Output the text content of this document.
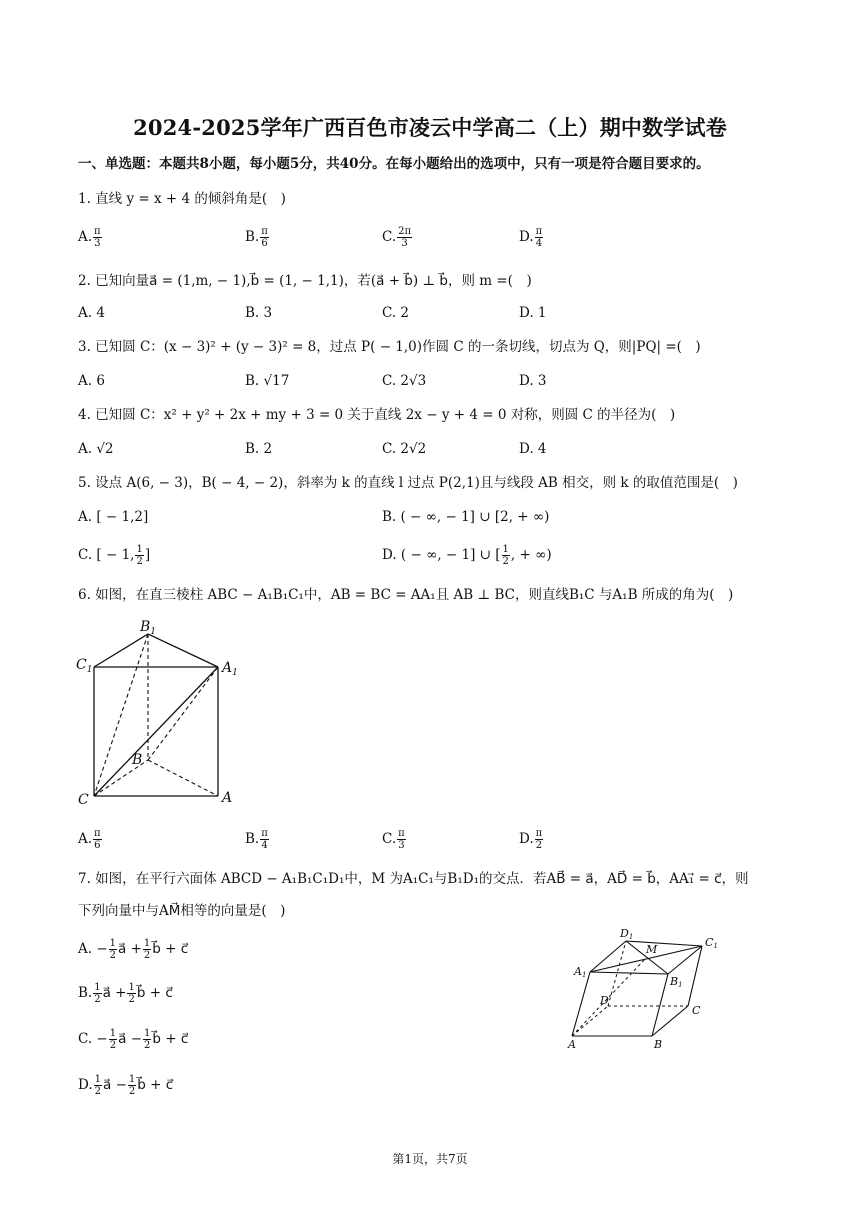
2024-2025学年广西百色市凌云中学高二（上）期中数学试卷
一、单选题：本题共8小题，每小题5分，共40分。在每小题给出的选项中，只有一项是符合题目要求的。
1. 直线 y = x + 4 的倾斜角是(　)
A. $\frac{\pi}{3}$	B. $\frac{\pi}{6}$	C. $\frac{2\pi}{3}$	D. $\frac{\pi}{4}$
2. 已知向量a⃗ = (1,m, − 1),b⃗ = (1, − 1,1)，若(a⃗ + b⃗) ⊥ b⃗，则 m =(　)
A. 4	B. 3	C. 2	D. 1
3. 已知圆 C：(x − 3)² + (y − 3)² = 8，过点 P( − 1,0)作圆 C 的一条切线，切点为 Q，则|PQ| =(　)
A. 6	B. √17	C. 2√3	D. 3
4. 已知圆 C：x² + y² + 2x + my + 3 = 0 关于直线 2x − y + 4 = 0 对称，则圆 C 的半径为(　)
A. √2	B. 2	C. 2√2	D. 4
5. 设点 A(6, − 3)，B( − 4, − 2)，斜率为 k 的直线 l 过点 P(2,1)且与线段 AB 相交，则 k 的取值范围是(　)
A. [ − 1,2]	B. ( − ∞, − 1] ∪ [2, + ∞)
C. [ − 1, $\frac{1}{2}$ ]	D. ( − ∞, − 1] ∪ [ $\frac{1}{2}$ , + ∞)
6. 如图，在直三棱柱 ABC − A₁B₁C₁中，AB = BC = AA₁且 AB ⊥ BC，则直线B₁C 与A₁B 所成的角为(　)
$B_1$
$C_1$	$A_1$
B
C	A
A. $\frac{\pi}{6}$	B. $\frac{\pi}{4}$	C. $\frac{\pi}{3}$	D. $\frac{\pi}{2}$
7. 如图，在平行六面体 ABCD − A₁B₁C₁D₁中，M 为A₁C₁与B₁D₁的交点．若AB⃗ = a⃗，AD⃗ = b⃗，AA₁⃗ = c⃗，则
下列向量中与AM⃗相等的向量是(　)
A. − $\frac{1}{2}$ a⃗ + $\frac{1}{2}$ b⃗ + c⃗
B. $\frac{1}{2}$ a⃗ + $\frac{1}{2}$ b⃗ + c⃗
C. − $\frac{1}{2}$ a⃗ − $\frac{1}{2}$ b⃗ + c⃗
D. $\frac{1}{2}$ a⃗ − $\frac{1}{2}$ b⃗ + c⃗
D1
M
C1
A1	B1
D
C
A	B
第1页，共7页
